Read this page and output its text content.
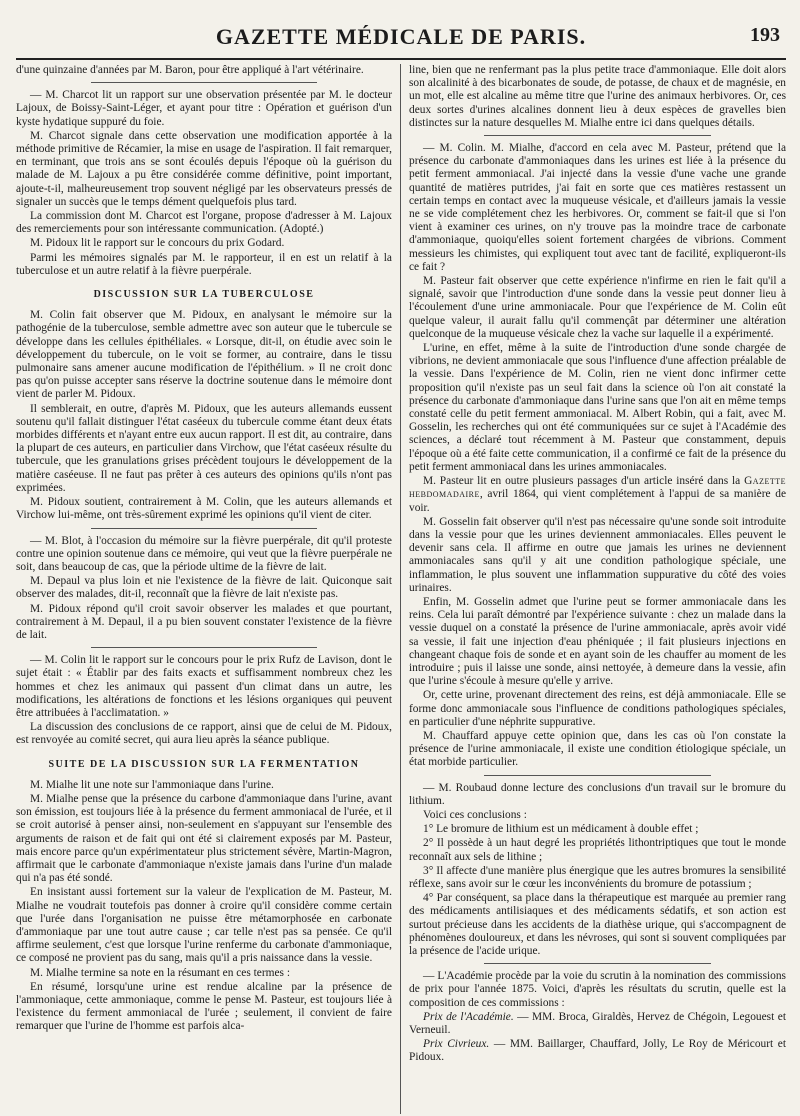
GAZETTE MÉDICALE DE PARIS.	193

d'une quinzaine d'années par M. Baron, pour être appliqué à l'art vétérinaire.

— M. Charcot lit un rapport sur une observation présentée par M. le docteur Lajoux, de Boissy-Saint-Léger, et ayant pour titre : Opération et guérison d'un kyste hydatique suppuré du foie.

M. Charcot signale dans cette observation une modification apportée à la méthode primitive de Récamier, la mise en usage de l'aspiration. Il fait remarquer, en terminant, que trois ans se sont écoulés depuis l'époque où la guérison du malade de M. Lajoux a pu être considérée comme définitive, point important, ajoute-t-il, malheureusement trop souvent négligé par les observateurs pressés de signaler un succès que le temps dément quelquefois plus tard.

La commission dont M. Charcot est l'organe, propose d'adresser à M. Lajoux des remerciements pour son intéressante communication. (Adopté.)

M. Pidoux lit le rapport sur le concours du prix Godard.

Parmi les mémoires signalés par M. le rapporteur, il en est un relatif à la tuberculose et un autre relatif à la fièvre puerpérale.

DISCUSSION SUR LA TUBERCULOSE

M. Colin fait observer que M. Pidoux, en analysant le mémoire sur la pathogénie de la tuberculose, semble admettre avec son auteur que le tubercule se développe dans les cellules épithéliales. « Lorsque, dit-il, on étudie avec soin le développement du tubercule, on le voit se former, au contraire, dans le tissu pulmonaire sans amener aucune modification de l'épithélium. » Il ne croit donc pas qu'on puisse accepter sans réserve la doctrine soutenue dans le mémoire dont vient de parler M. Pidoux.

Il semblerait, en outre, d'après M. Pidoux, que les auteurs allemands eussent soutenu qu'il fallait distinguer l'état caséeux du tubercule comme étant deux états morbides différents et n'ayant entre eux aucun rapport. Il est dit, au contraire, dans la plupart de ces auteurs, en particulier dans Virchow, que l'état caséeux résulte du tubercule, que les granulations grises précèdent toujours le développement de la matière caséeuse. Il ne faut pas prêter à ces auteurs des opinions qu'ils n'ont pas exprimées.

M. Pidoux soutient, contrairement à M. Colin, que les auteurs allemands et Virchow lui-même, ont très-sûrement exprimé les opinions qu'il vient de citer.

— M. Blot, à l'occasion du mémoire sur la fièvre puerpérale, dit qu'il proteste contre une opinion soutenue dans ce mémoire, qui veut que la fièvre puerpérale ne soit, dans beaucoup de cas, que la période ultime de la fièvre de lait.

M. Depaul va plus loin et nie l'existence de la fièvre de lait. Quiconque sait observer des malades, dit-il, reconnaît que la fièvre de lait n'existe pas.

M. Pidoux répond qu'il croit savoir observer les malades et que pourtant, contrairement à M. Depaul, il a pu bien souvent constater l'existence de la fièvre de lait.

— M. Colin lit le rapport sur le concours pour le prix Rufz de Lavison, dont le sujet était : « Établir par des faits exacts et suffisamment nombreux chez les hommes et chez les animaux qui passent d'un climat dans un autre, les modifications, les altérations de fonctions et les lésions organiques qui peuvent être attribuées à l'acclimatation. »

La discussion des conclusions de ce rapport, ainsi que de celui de M. Pidoux, est renvoyée au comité secret, qui aura lieu après la séance publique.

SUITE DE LA DISCUSSION SUR LA FERMENTATION

M. Mialhe lit une note sur l'ammoniaque dans l'urine.

M. Mialhe pense que la présence du carbone d'ammoniaque dans l'urine, avant son émission, est toujours liée à la présence du ferment ammoniacal de l'urée, et il se croit autorisé à penser ainsi, non-seulement en s'appuyant sur l'ensemble des arguments de raison et de fait qui ont été si clairement exposés par M. Pasteur, mais encore parce qu'un expérimentateur plus strictement sévère, Martin-Magron, affirmait que le carbonate d'ammoniaque n'existe jamais dans l'urine d'un malade qui n'a pas été sondé.

En insistant aussi fortement sur la valeur de l'explication de M. Pasteur, M. Mialhe ne voudrait toutefois pas donner à croire qu'il considère comme certain que l'urée dans l'organisation ne puisse être métamorphosée en carbonate d'ammoniaque par une tout autre cause ; car telle n'est pas sa pensée. Ce qu'il affirme seulement, c'est que lorsque l'urine renferme du carbonate d'ammoniaque, ce composé ne provient pas du sang, mais qu'il a pris naissance dans la vessie.

M. Mialhe termine sa note en la résumant en ces termes :

En résumé, lorsqu'une urine est rendue alcaline par la présence de l'ammoniaque, cette ammoniaque, comme le pense M. Pasteur, est toujours liée à l'existence du ferment ammoniacal de l'urée ; seulement, il convient de faire remarquer que l'urine de l'homme est parfois alca-

line, bien que ne renfermant pas la plus petite trace d'ammoniaque. Elle doit alors son alcalinité à des bicarbonates de soude, de potasse, de chaux et de magnésie, en un mot, elle est alcaline au même titre que l'urine des animaux herbivores. Or, ces deux sortes d'urines alcalines donnent lieu à deux espèces de gravelles bien distinctes sur la nature desquelles M. Mialhe entre ici dans quelques détails.

— M. Colin. M. Mialhe, d'accord en cela avec M. Pasteur, prétend que la présence du carbonate d'ammoniaques dans les urines est liée à la présence du petit ferment ammoniacal. J'ai injecté dans la vessie d'une vache une grande quantité de matières putrides, j'ai fait en sorte que ces matières restassent un certain temps en contact avec la muqueuse vésicale, et d'ailleurs jamais la vessie ne se vide complétement chez les herbivores. Or, comment se fait-il que si l'on vient à examiner ces urines, on n'y trouve pas la moindre trace de carbonate d'ammoniaque, quoiqu'elles soient fortement chargées de vibrions. Comment messieurs les chimistes, qui expliquent tout avec tant de facilité, expliqueront-ils ce fait ?

M. Pasteur fait observer que cette expérience n'infirme en rien le fait qu'il a signalé, savoir que l'introduction d'une sonde dans la vessie peut donner lieu à l'écoulement d'une urine ammoniacale. Pour que l'expérience de M. Colin eût quelque valeur, il aurait fallu qu'il commençât par déterminer une altération quelconque de la muqueuse vésicale chez la vache sur laquelle il a expérimenté.

L'urine, en effet, même à la suite de l'introduction d'une sonde chargée de vibrions, ne devient ammoniacale que sous l'influence d'une affection préalable de la vessie. Dans l'expérience de M. Colin, rien ne vient donc infirmer cette proposition qu'il n'existe pas un seul fait dans la science où l'on ait constaté la présence du carbonate d'ammoniaque dans l'urine sans que l'on ait en même temps constaté celle du petit ferment ammoniacal. M. Albert Robin, qui a fait, avec M. Gosselin, les recherches qui ont été communiquées sur ce sujet à l'Académie des sciences, a déclaré tout récemment à M. Pasteur que constamment, depuis l'époque où a été faite cette communication, il a confirmé ce fait de la présence du petit ferment ammoniacal dans les urines ammoniacales.

M. Pasteur lit en outre plusieurs passages d'un article inséré dans la Gazette hebdomadaire, avril 1864, qui vient complétement à l'appui de sa manière de voir.

M. Gosselin fait observer qu'il n'est pas nécessaire qu'une sonde soit introduite dans la vessie pour que les urines deviennent ammoniacales. Elles peuvent le devenir sans cela. Il affirme en outre que jamais les urines ne deviennent ammoniacales sans qu'il y ait une condition pathologique spéciale, une inflammation, le plus souvent une inflammation suppurative du côté des voies urinaires.

Enfin, M. Gosselin admet que l'urine peut se former ammoniacale dans les reins. Cela lui paraît démontré par l'expérience suivante : chez un malade dans la vessie duquel on a constaté la présence de l'urine ammoniacale, après avoir vidé sa vessie, il fait une injection d'eau phéniquée ; il fait plusieurs injections en changeant chaque fois de sonde et en ayant soin de les chauffer au moment de les introduire ; puis il laisse une sonde, ainsi nettoyée, à demeure dans la vessie, afin que l'urine s'écoule à mesure qu'elle y arrive.

Or, cette urine, provenant directement des reins, est déjà ammoniacale. Elle se forme donc ammoniacale sous l'influence de conditions pathologiques spéciales, en particulier d'une néphrite suppurative.

M. Chauffard appuye cette opinion que, dans les cas où l'on constate la présence de l'urine ammoniacale, il existe une condition étiologique spéciale, un état morbide particulier.

— M. Roubaud donne lecture des conclusions d'un travail sur le bromure du lithium.

Voici ces conclusions :

1° Le bromure de lithium est un médicament à double effet ;

2° Il possède à un haut degré les propriétés lithontriptiques que tout le monde reconnaît aux sels de lithine ;

3° Il affecte d'une manière plus énergique que les autres bromures la sensibilité réflexe, sans avoir sur le cœur les inconvénients du bromure de potassium ;

4° Par conséquent, sa place dans la thérapeutique est marquée au premier rang des médicaments antilisiaques et des médicaments sédatifs, et son action est surtout précieuse dans les accidents de la diathèse urique, qui s'accompagnent de phénomènes douloureux, et dans les névroses, qui sont si souvent compliquées par la présence de l'acide urique.

— L'Académie procède par la voie du scrutin à la nomination des commissions de prix pour l'année 1875. Voici, d'après les résultats du scrutin, quelle est la composition de ces commissions :

Prix de l'Académie. — MM. Broca, Giraldès, Hervez de Chégoin, Legouest et Verneuil.

Prix Civrieux. — MM. Baillarger, Chauffard, Jolly, Le Roy de Méricourt et Pidoux.
